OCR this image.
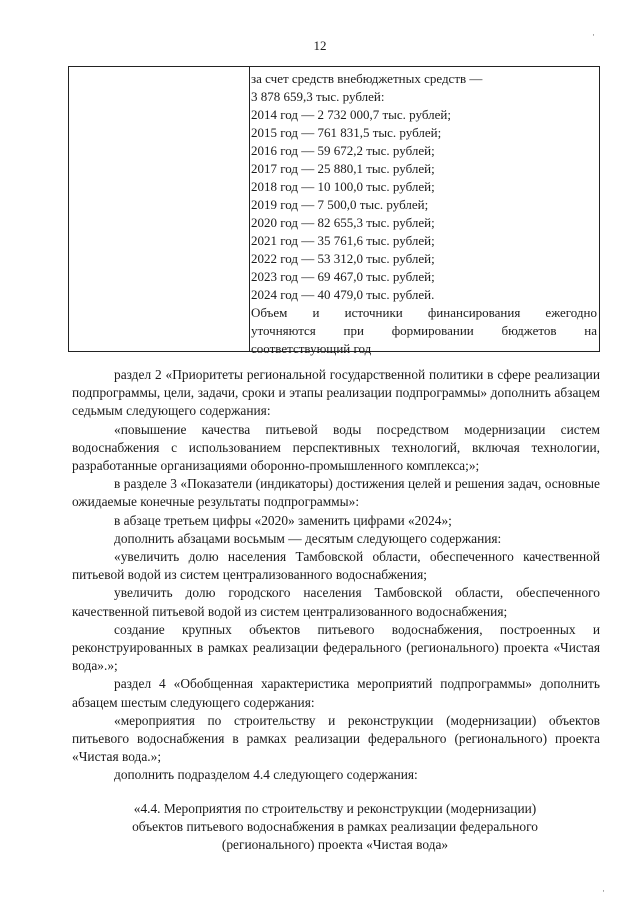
12
за счет средств внебюджетных средств —
3 878 659,3 тыс. рублей:
2014 год — 2 732 000,7 тыс. рублей;
2015 год — 761 831,5 тыс. рублей;
2016 год — 59 672,2 тыс. рублей;
2017 год — 25 880,1 тыс. рублей;
2018 год — 10 100,0 тыс. рублей;
2019 год — 7 500,0 тыс. рублей;
2020 год — 82 655,3 тыс. рублей;
2021 год — 35 761,6 тыс. рублей;
2022 год — 53 312,0 тыс. рублей;
2023 год — 69 467,0 тыс. рублей;
2024 год — 40 479,0 тыс. рублей.
Объем и источники финансирования ежегодно
уточняются при формировании бюджетов на
соответствующий год

раздел 2 «Приоритеты региональной государственной политики в сфере реализации подпрограммы, цели, задачи, сроки и этапы реализации подпрограммы» дополнить абзацем седьмым следующего содержания:

«повышение качества питьевой воды посредством модернизации систем водоснабжения с использованием перспективных технологий, включая технологии, разработанные организациями оборонно-промышленного комплекса;»;

в разделе 3 «Показатели (индикаторы) достижения целей и решения задач, основные ожидаемые конечные результаты подпрограммы»:

в абзаце третьем цифры «2020» заменить цифрами «2024»;

дополнить абзацами восьмым — десятым следующего содержания:

«увеличить долю населения Тамбовской области, обеспеченного качественной питьевой водой из систем централизованного водоснабжения;

увеличить долю городского населения Тамбовской области, обеспеченного качественной питьевой водой из систем централизованного водоснабжения;

создание крупных объектов питьевого водоснабжения, построенных и реконструированных в рамках реализации федерального (регионального) проекта «Чистая вода».»;

раздел 4 «Обобщенная характеристика мероприятий подпрограммы» дополнить абзацем шестым следующего содержания:

«мероприятия по строительству и реконструкции (модернизации) объектов питьевого водоснабжения в рамках реализации федерального (регионального) проекта «Чистая вода.»;

дополнить подразделом 4.4 следующего содержания:

«4.4. Мероприятия по строительству и реконструкции (модернизации)
объектов питьевого водоснабжения в рамках реализации федерального
(регионального) проекта «Чистая вода»
·
·
